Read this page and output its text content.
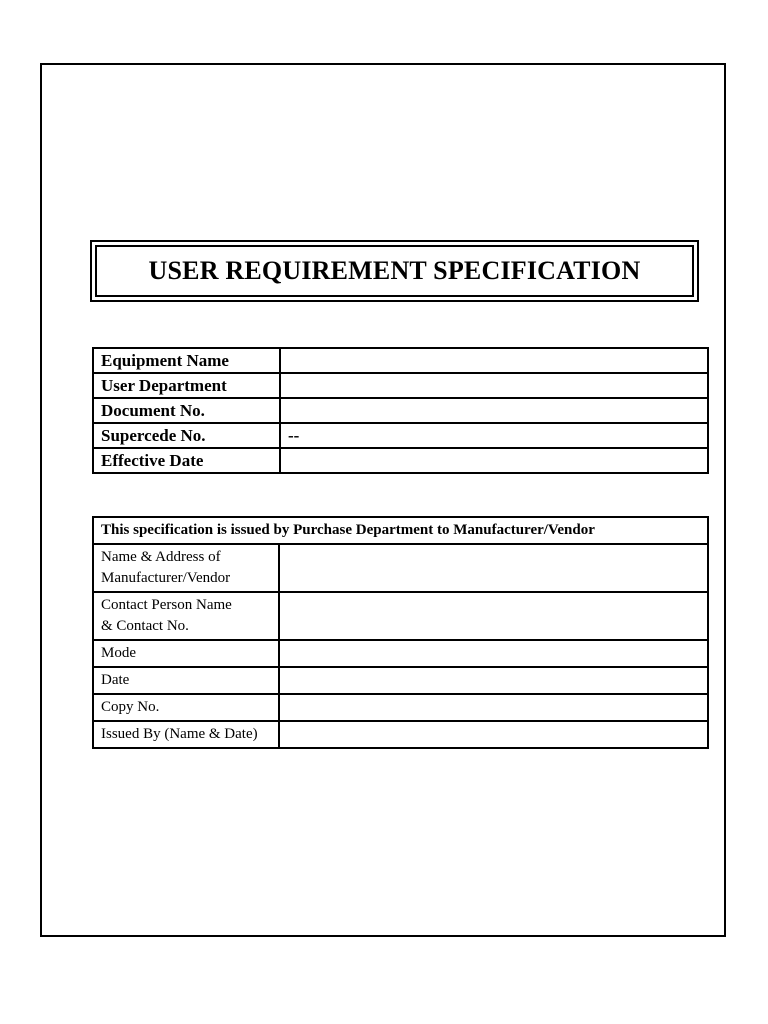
USER REQUIREMENT SPECIFICATION
Equipment Name	
User Department	
Document No.	
Supercede No.	--
Effective Date	
This specification is issued by Purchase Department to Manufacturer/Vendor	
Name & Address of
Manufacturer/Vendor	
Contact Person Name
& Contact No.	
Mode	
Date	
Copy No.	
Issued By (Name & Date)	
